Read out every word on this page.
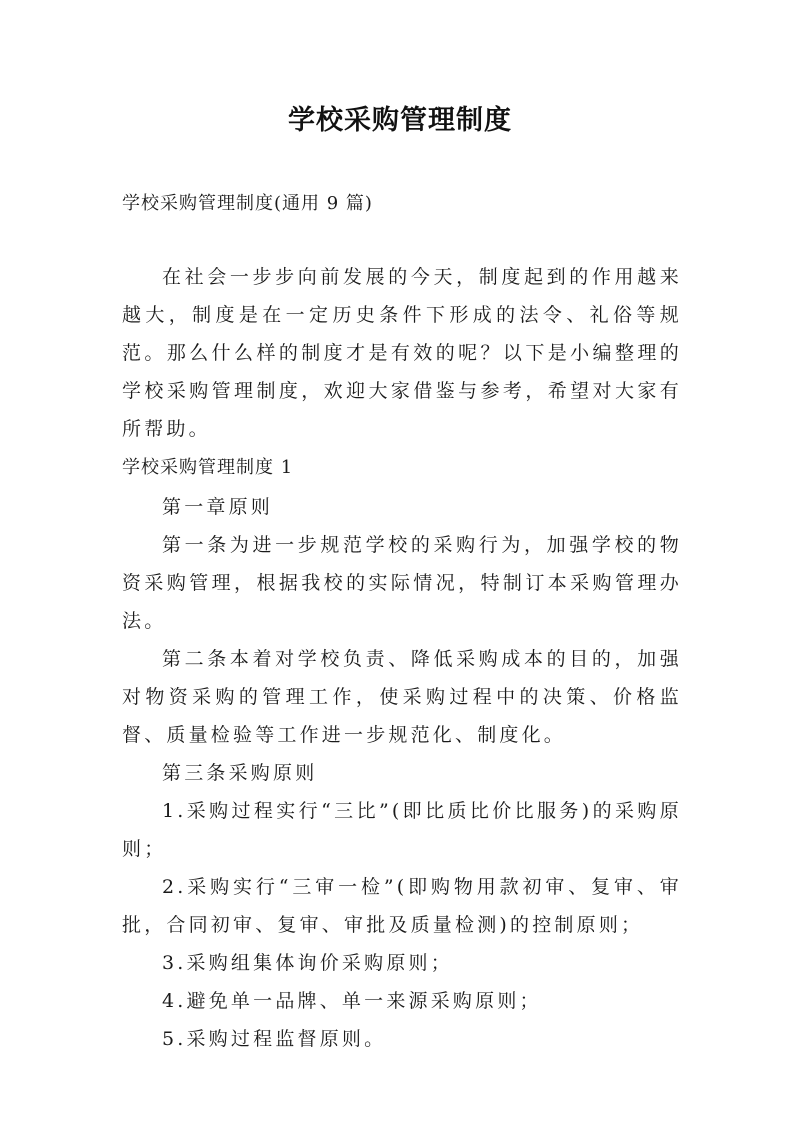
学校采购管理制度
学校采购管理制度(通用 9 篇)
在社会一步步向前发展的今天，制度起到的作用越来越大，制度是在一定历史条件下形成的法令、礼俗等规范。那么什么样的制度才是有效的呢？以下是小编整理的学校采购管理制度，欢迎大家借鉴与参考，希望对大家有所帮助。
学校采购管理制度 1

第一章原则

第一条为进一步规范学校的采购行为，加强学校的物资采购管理，根据我校的实际情况，特制订本采购管理办法。

第二条本着对学校负责、降低采购成本的目的，加强对物资采购的管理工作，使采购过程中的决策、价格监督、质量检验等工作进一步规范化、制度化。

第三条采购原则

1.采购过程实行“三比”(即比质比价比服务)的采购原则；

2.采购实行“三审一检”(即购物用款初审、复审、审批，合同初审、复审、审批及质量检测)的控制原则；

3.采购组集体询价采购原则；

4.避免单一品牌、单一来源采购原则；

5.采购过程监督原则。
